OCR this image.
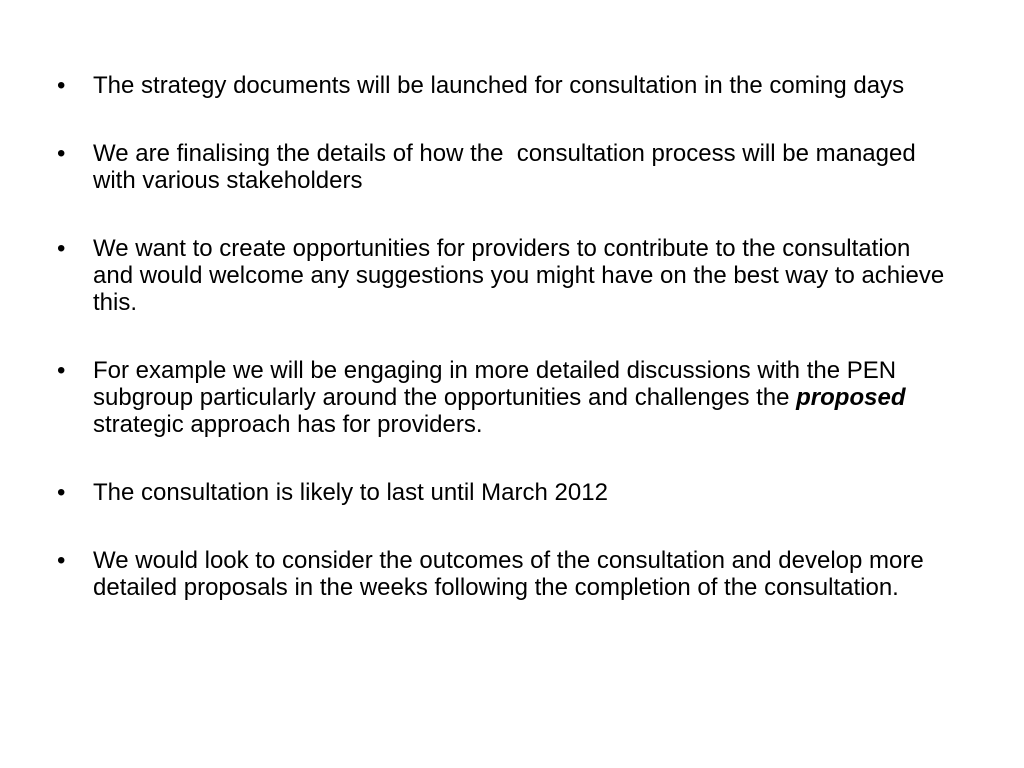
•	The strategy documents will be launched for consultation in the coming days
•	We are finalising the details of how the  consultation process will be managed with various stakeholders
•	We want to create opportunities for providers to contribute to the consultation and would welcome any suggestions you might have on the best way to achieve this.
•	For example we will be engaging in more detailed discussions with the PEN subgroup particularly around the opportunities and challenges the proposed strategic approach has for providers.
•	The consultation is likely to last until March 2012
•	We would look to consider the outcomes of the consultation and develop more detailed proposals in the weeks following the completion of the consultation.
